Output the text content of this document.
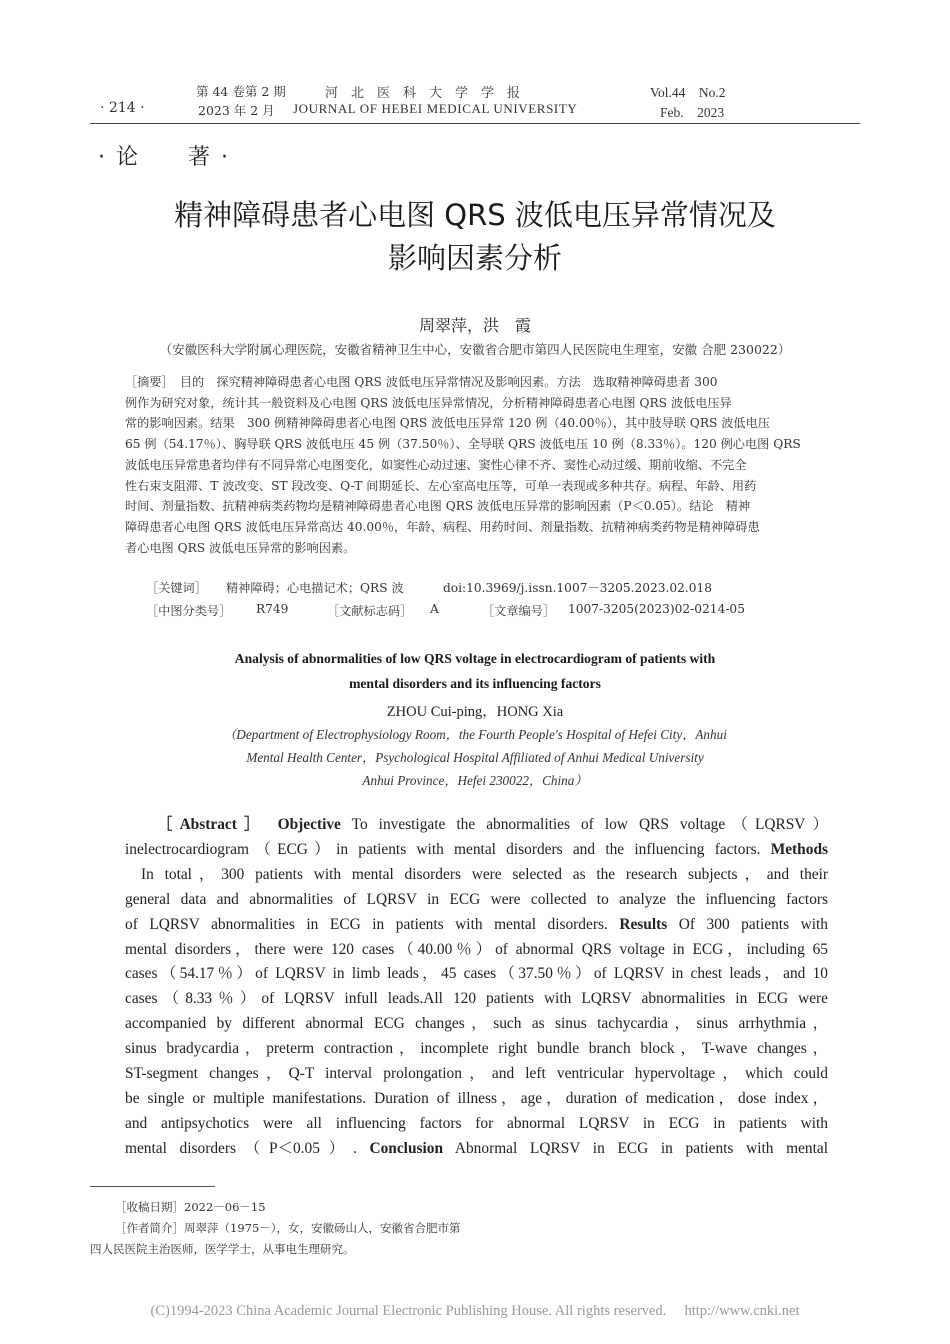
· 214 ·
第 44 卷第 2 期
2023 年 2 月
河　北　医　科　大　学　学　报
JOURNAL OF HEBEI MEDICAL UNIVERSITY
Vol.44　No.2
Feb.　2023
· 论　　著 ·
精神障碍患者心电图 QRS 波低电压异常情况及
影响因素分析
周翠萍，洪　霞
（安徽医科大学附属心理医院，安徽省精神卫生中心，安徽省合肥市第四人民医院电生理室，安徽 合肥 230022）
［摘要］　目的　探究精神障碍患者心电图 QRS 波低电压异常情况及影响因素。方法　选取精神障碍患者 300
例作为研究对象，统计其一般资料及心电图 QRS 波低电压异常情况，分析精神障碍患者心电图 QRS 波低电压异
常的影响因素。结果　300 例精神障碍患者心电图 QRS 波低电压异常 120 例（40.00％），其中肢导联 QRS 波低电压
65 例（54.17％）、胸导联 QRS 波低电压 45 例（37.50％）、全导联 QRS 波低电压 10 例（8.33％）。120 例心电图 QRS
波低电压异常患者均伴有不同异常心电图变化，如窦性心动过速、窦性心律不齐、窦性心动过缓、期前收缩、不完全
性右束支阻滞、T 波改变、ST 段改变、Q-T 间期延长、左心室高电压等，可单一表现或多种共存。病程、年龄、用药
时间、剂量指数、抗精神病类药物均是精神障碍患者心电图 QRS 波低电压异常的影响因素（P＜0.05）。结论　精神
障碍患者心电图 QRS 波低电压异常高达 40.00％，年龄、病程、用药时间、剂量指数、抗精神病类药物是精神障碍患
者心电图 QRS 波低电压异常的影响因素。
［关键词］ 精神障碍；心电描记术；QRS 波	doi:10.3969/j.issn.1007－3205.2023.02.018
［中图分类号］ R749	［文献标志码］ A	［文章编号］ 1007-3205(2023)02-0214-05
Analysis of abnormalities of low QRS voltage in electrocardiogram of patients with
mental disorders and its influencing factors
ZHOU Cui-ping，HONG Xia
（Department of Electrophysiology Room，the Fourth People's Hospital of Hefei City，Anhui
Mental Health Center，Psychological Hospital Affiliated of Anhui Medical University
Anhui Province，Hefei 230022，China）
［Abstract］ Objective To investigate the abnormalities of low QRS voltage（LQRSV）
inelectrocardiogram（ECG）in patients with mental disorders and the influencing factors. Methods
In total，300 patients with mental disorders were selected as the research subjects，and their
general data and abnormalities of LQRSV in ECG were collected to analyze the influencing factors
of LQRSV abnormalities in ECG in patients with mental disorders. Results Of 300 patients with
mental disorders，there were 120 cases（40.00％）of abnormal QRS voltage in ECG，including 65
cases（54.17％）of LQRSV in limb leads，45 cases（37.50％）of LQRSV in chest leads，and 10
cases（8.33％）of LQRSV infull leads.All 120 patients with LQRSV abnormalities in ECG were
accompanied by different abnormal ECG changes，such as sinus tachycardia，sinus arrhythmia，
sinus bradycardia，preterm contraction，incomplete right bundle branch block，T-wave changes，
ST-segment changes，Q-T interval prolongation，and left ventricular hypervoltage，which could
be single or multiple manifestations. Duration of illness，age，duration of medication，dose index，
and antipsychotics were all influencing factors for abnormal LQRSV in ECG in patients with
mental disorders（P＜0.05）. Conclusion Abnormal LQRSV in ECG in patients with mental
［收稿日期］2022－06－15
［作者简介］周翠萍（1975－），女，安徽砀山人，安徽省合肥市第
四人民医院主治医师，医学学士，从事电生理研究。
(C)1994-2023 China Academic Journal Electronic Publishing House. All rights reserved.　 http://www.cnki.net
